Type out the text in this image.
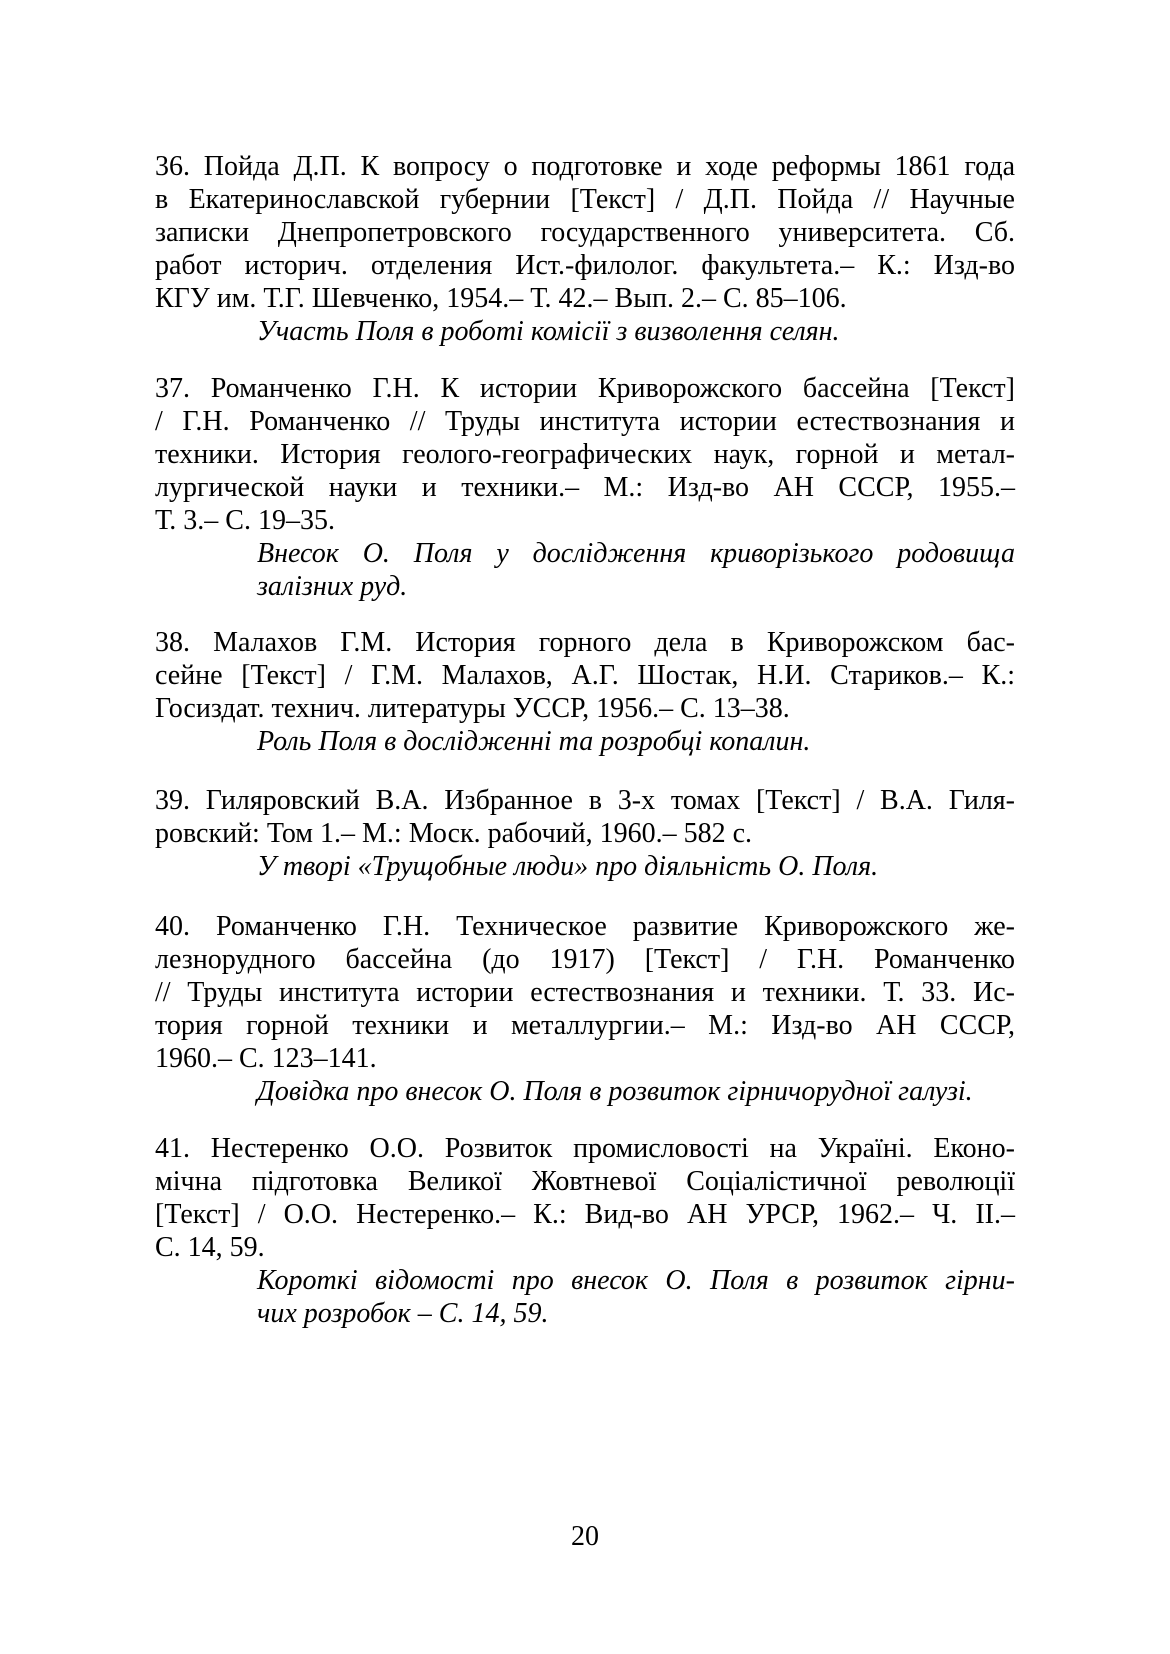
36. Пойда Д.П. К вопросу о подготовке и ходе реформы 1861 года
в Екатеринославской губернии [Текст] / Д.П. Пойда // Научные
записки Днепропетровского государственного университета. Сб.
работ историч. отделения Ист.-филолог. факультета.– К.: Изд-во
КГУ им. Т.Г. Шевченко, 1954.– Т. 42.– Вып. 2.– С. 85–106.
Участь Поля в роботі комісії з визволення селян.
37. Романченко Г.Н. К истории Криворожского бассейна [Текст]
/ Г.Н. Романченко // Труды института истории естествознания и
техники. История геолого-географических наук, горной и метал-
лургической науки и техники.– М.: Изд-во АН СССР, 1955.–
Т. 3.– С. 19–35.
Внесок О. Поля у дослідження криворізького родовища
залізних руд.
38. Малахов Г.М. История горного дела в Криворожском бас-
сейне [Текст] / Г.М. Малахов, А.Г. Шостак, Н.И. Стариков.– К.:
Госиздат. технич. литературы УССР, 1956.– С. 13–38.
Роль Поля в дослідженні та розробці копалин.
39. Гиляровский В.А. Избранное в 3-х томах [Текст] / В.А. Гиля-
ровский: Том 1.– М.: Моск. рабочий, 1960.– 582 с.
У творі «Трущобные люди» про діяльність О. Поля.
40. Романченко Г.Н. Техническое развитие Криворожского же-
лезнорудного бассейна (до 1917) [Текст] / Г.Н. Романченко
// Труды института истории естествознания и техники. Т. 33. Ис-
тория горной техники и металлургии.– М.: Изд-во АН СССР,
1960.– С. 123–141.
Довідка про внесок О. Поля в розвиток гірничорудної галузі.
41. Нестеренко О.О. Розвиток промисловості на Україні. Еконо-
мічна підготовка Великої Жовтневої Соціалістичної революції
[Текст] / О.О. Нестеренко.– К.: Вид-во АН УРСР, 1962.– Ч. II.–
С. 14, 59.
Короткі відомості про внесок О. Поля в розвиток гірни-
чих розробок – С. 14, 59.
20
